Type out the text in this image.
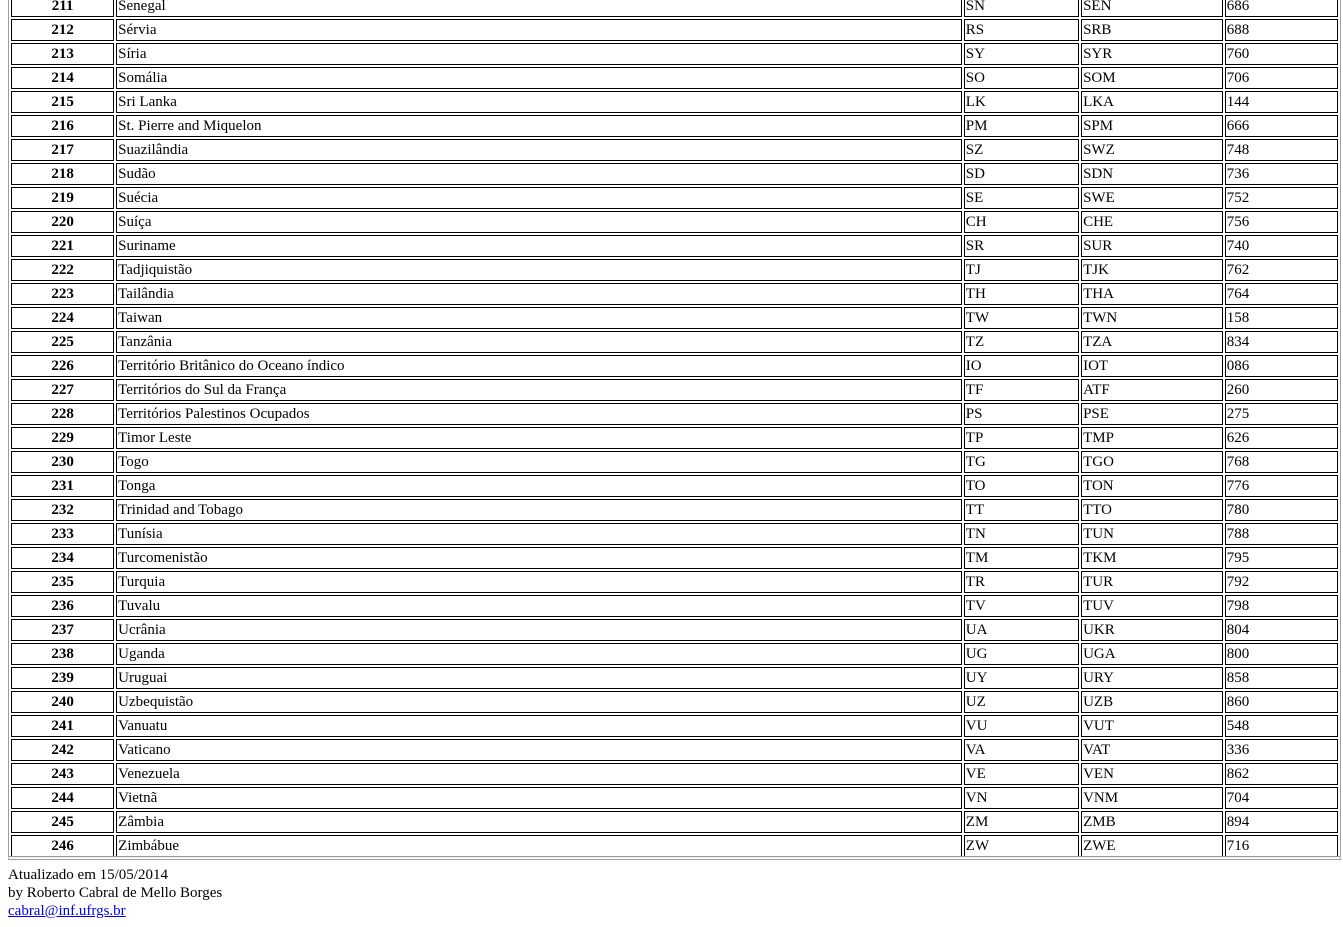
211	Senegal	SN	SEN	686
212	Sérvia	RS	SRB	688
213	Síria	SY	SYR	760
214	Somália	SO	SOM	706
215	Sri Lanka	LK	LKA	144
216	St. Pierre and Miquelon	PM	SPM	666
217	Suazilândia	SZ	SWZ	748
218	Sudão	SD	SDN	736
219	Suécia	SE	SWE	752
220	Suíça	CH	CHE	756
221	Suriname	SR	SUR	740
222	Tadjiquistão	TJ	TJK	762
223	Tailândia	TH	THA	764
224	Taiwan	TW	TWN	158
225	Tanzânia	TZ	TZA	834
226	Território Britânico do Oceano índico	IO	IOT	086
227	Territórios do Sul da França	TF	ATF	260
228	Territórios Palestinos Ocupados	PS	PSE	275
229	Timor Leste	TP	TMP	626
230	Togo	TG	TGO	768
231	Tonga	TO	TON	776
232	Trinidad and Tobago	TT	TTO	780
233	Tunísia	TN	TUN	788
234	Turcomenistão	TM	TKM	795
235	Turquia	TR	TUR	792
236	Tuvalu	TV	TUV	798
237	Ucrânia	UA	UKR	804
238	Uganda	UG	UGA	800
239	Uruguai	UY	URY	858
240	Uzbequistão	UZ	UZB	860
241	Vanuatu	VU	VUT	548
242	Vaticano	VA	VAT	336
243	Venezuela	VE	VEN	862
244	Vietnã	VN	VNM	704
245	Zâmbia	ZM	ZMB	894
246	Zimbábue	ZW	ZWE	716
Atualizado em 15/05/2014
by Roberto Cabral de Mello Borges
cabral@inf.ufrgs.br
